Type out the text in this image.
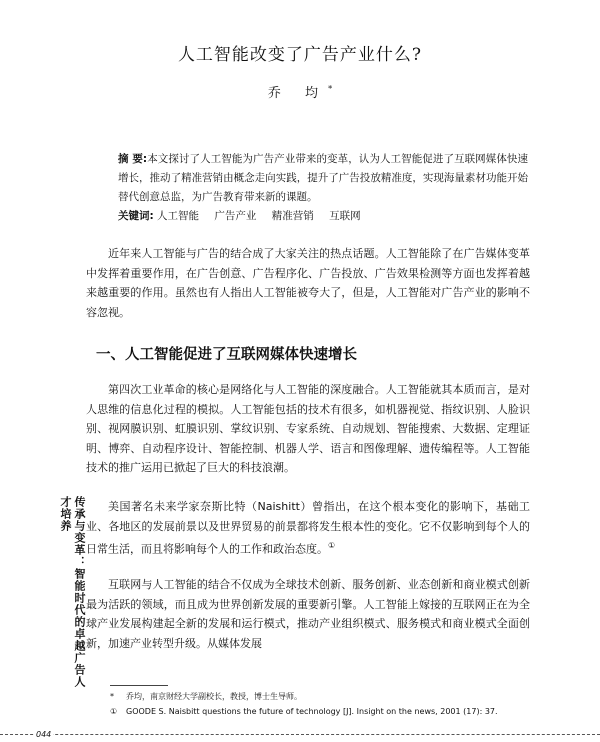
人工智能改变了广告产业什么?
乔 均*
摘 要:本文探讨了人工智能为广告产业带来的变革，认为人工智能促进了互联网媒体快速增长，推动了精准营销由概念走向实践，提升了广告投放精准度，实现海量素材功能开始替代创意总监，为广告教育带来新的课题。
关键词: 人工智能 广告产业 精准营销 互联网
近年来人工智能与广告的结合成了大家关注的热点话题。人工智能除了在广告媒体变革中发挥着重要作用，在广告创意、广告程序化、广告投放、广告效果检测等方面也发挥着越来越重要的作用。虽然也有人指出人工智能被夸大了，但是，人工智能对广告产业的影响不容忽视。
一、人工智能促进了互联网媒体快速增长
第四次工业革命的核心是网络化与人工智能的深度融合。人工智能就其本质而言，是对人思维的信息化过程的模拟。人工智能包括的技术有很多，如机器视觉、指纹识别、人脸识别、视网膜识别、虹膜识别、掌纹识别、专家系统、自动规划、智能搜索、大数据、定理证明、博弈、自动程序设计、智能控制、机器人学、语言和图像理解、遗传编程等。人工智能技术的推广运用已掀起了巨大的科技浪潮。
美国著名未来学家奈斯比特（Naishitt）曾指出，在这个根本变化的影响下，基础工业、各地区的发展前景以及世界贸易的前景都将发生根本性的变化。它不仅影响到每个人的日常生活，而且将影响每个人的工作和政治态度。①
互联网与人工智能的结合不仅成为全球技术创新、服务创新、业态创新和商业模式创新最为活跃的领域，而且成为世界创新发展的重要新引擎。人工智能上嫁接的互联网正在为全球产业发展构建起全新的发展和运行模式，推动产业组织模式、服务模式和商业模式全面创新，加速产业转型升级。从媒体发展
传承与变革：智能时代的卓越广告人才培养
* 乔均，南京财经大学副校长，教授，博士生导师。
① GOODE S. Naisbitt questions the future of technology [J]. Insight on the news, 2001 (17): 37.
044
